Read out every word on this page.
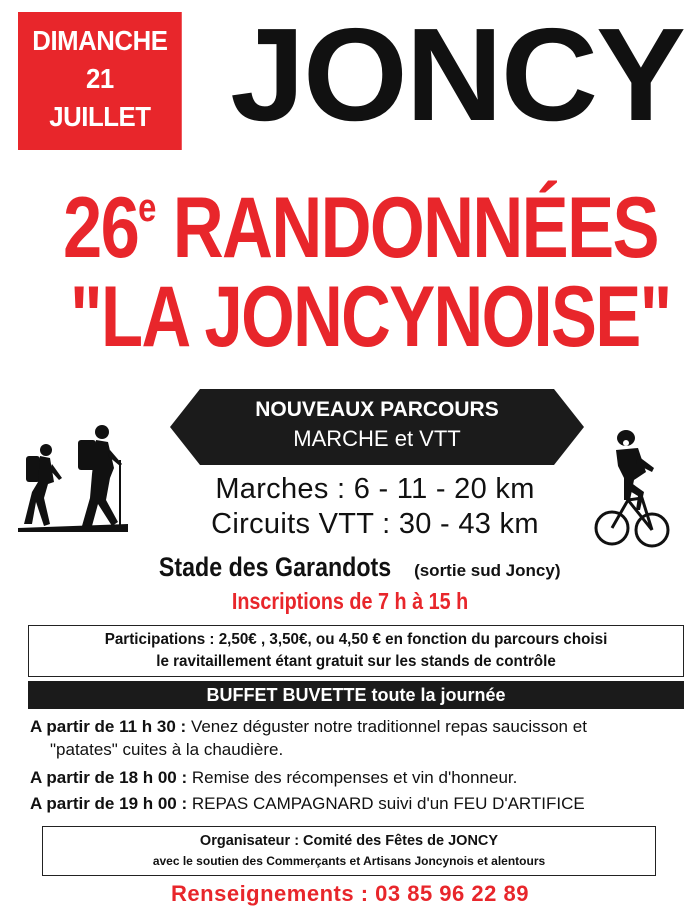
DIMANCHE
21
JUILLET JONCY
26e RANDONNÉES
"LA JONCYNOISE"
NOUVEAUX PARCOURS
MARCHE et VTT
Marches : 6 - 11 - 20 km
Circuits VTT : 30 - 43 km
Stade des Garandots (sortie sud Joncy)
Inscriptions de 7 h à 15 h
Participations : 2,50€ , 3,50€, ou 4,50 € en fonction du parcours choisi
le ravitaillement étant gratuit sur les stands de contrôle
BUFFET BUVETTE toute la journée
A partir de 11 h 30 : Venez déguster notre traditionnel repas saucisson et
"patates" cuites à la chaudière.
A partir de 18 h 00 : Remise des récompenses et vin d'honneur.
A partir de 19 h 00 : REPAS CAMPAGNARD suivi d'un FEU D'ARTIFICE
Organisateur : Comité des Fêtes de JONCY
avec le soutien des Commerçants et Artisans Joncynois et alentours
Renseignements : 03 85 96 22 89
